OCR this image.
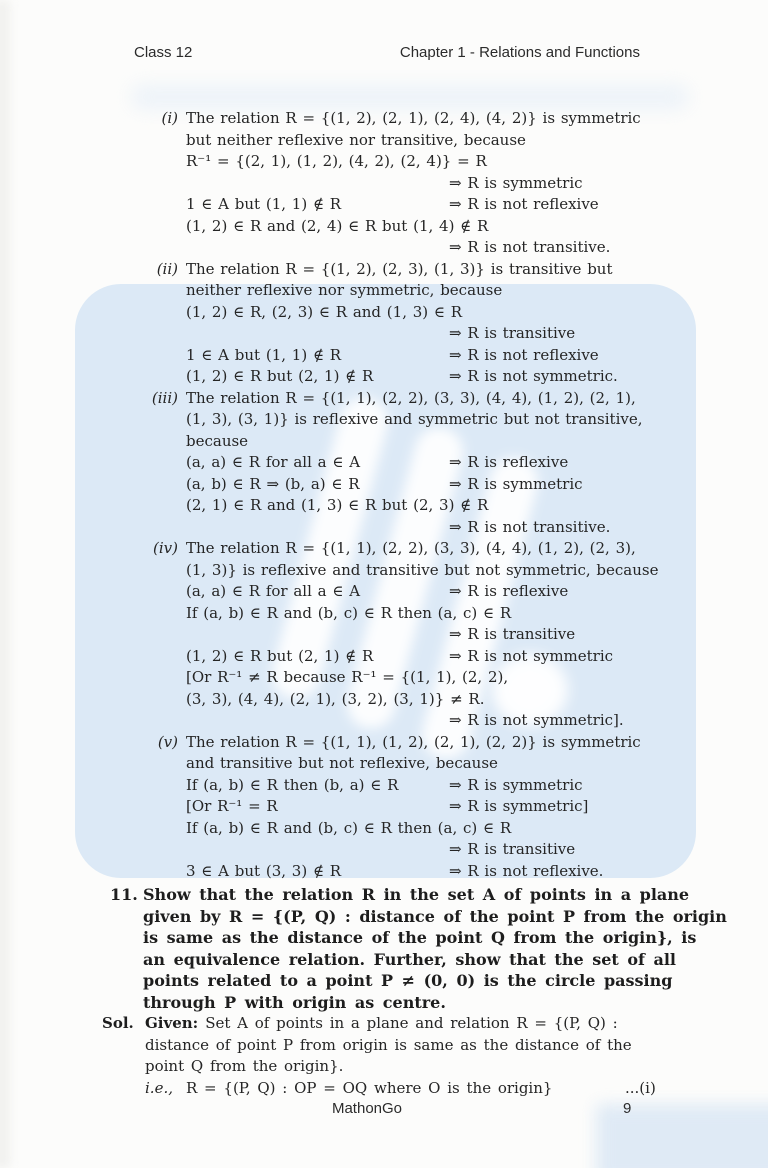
Class 12	Chapter 1 - Relations and Functions
(i) The relation R = {(1, 2), (2, 1), (2, 4), (4, 2)} is symmetric
but neither reflexive nor transitive, because
R⁻¹ = {(2, 1), (1, 2), (4, 2), (2, 4)} = R
⇒ R is symmetric
1 ∈ A but (1, 1) ∉ R	⇒ R is not reflexive
(1, 2) ∈ R and (2, 4) ∈ R but (1, 4) ∉ R
⇒ R is not transitive.
(ii) The relation R = {(1, 2), (2, 3), (1, 3)} is transitive but
neither reflexive nor symmetric, because
(1, 2) ∈ R, (2, 3) ∈ R and (1, 3) ∈ R
⇒ R is transitive
1 ∈ A but (1, 1) ∉ R	⇒ R is not reflexive
(1, 2) ∈ R but (2, 1) ∉ R	⇒ R is not symmetric.
(iii) The relation R = {(1, 1), (2, 2), (3, 3), (4, 4), (1, 2), (2, 1),
(1, 3), (3, 1)} is reflexive and symmetric but not transitive,
because
(a, a) ∈ R for all a ∈ A	⇒ R is reflexive
(a, b) ∈ R ⇒ (b, a) ∈ R	⇒ R is symmetric
(2, 1) ∈ R and (1, 3) ∈ R but (2, 3) ∉ R
⇒ R is not transitive.
(iv) The relation R = {(1, 1), (2, 2), (3, 3), (4, 4), (1, 2), (2, 3),
(1, 3)} is reflexive and transitive but not symmetric, because
(a, a) ∈ R for all a ∈ A	⇒ R is reflexive
If (a, b) ∈ R and (b, c) ∈ R then (a, c) ∈ R
⇒ R is transitive
(1, 2) ∈ R but (2, 1) ∉ R	⇒ R is not symmetric
[Or R⁻¹ ≠ R because R⁻¹ = {(1, 1), (2, 2),
(3, 3), (4, 4), (2, 1), (3, 2), (3, 1)} ≠ R.
⇒ R is not symmetric].
(v) The relation R = {(1, 1), (1, 2), (2, 1), (2, 2)} is symmetric
and transitive but not reflexive, because
If (a, b) ∈ R then (b, a) ∈ R	⇒ R is symmetric
[Or R⁻¹ = R	⇒ R is symmetric]
If (a, b) ∈ R and (b, c) ∈ R then (a, c) ∈ R
⇒ R is transitive
3 ∈ A but (3, 3) ∉ R	⇒ R is not reflexive.
11. Show that the relation R in the set A of points in a plane
given by R = {(P, Q) : distance of the point P from the origin
is same as the distance of the point Q from the origin}, is
an equivalence relation. Further, show that the set of all
points related to a point P ≠ (0, 0) is the circle passing
through P with origin as centre.
Sol. Given: Set A of points in a plane and relation R = {(P, Q) :
distance of point P from origin is same as the distance of the
point Q from the origin}.
i.e., R = {(P, Q) : OP = OQ where O is the origin}	...(i)
MathonGo	9
